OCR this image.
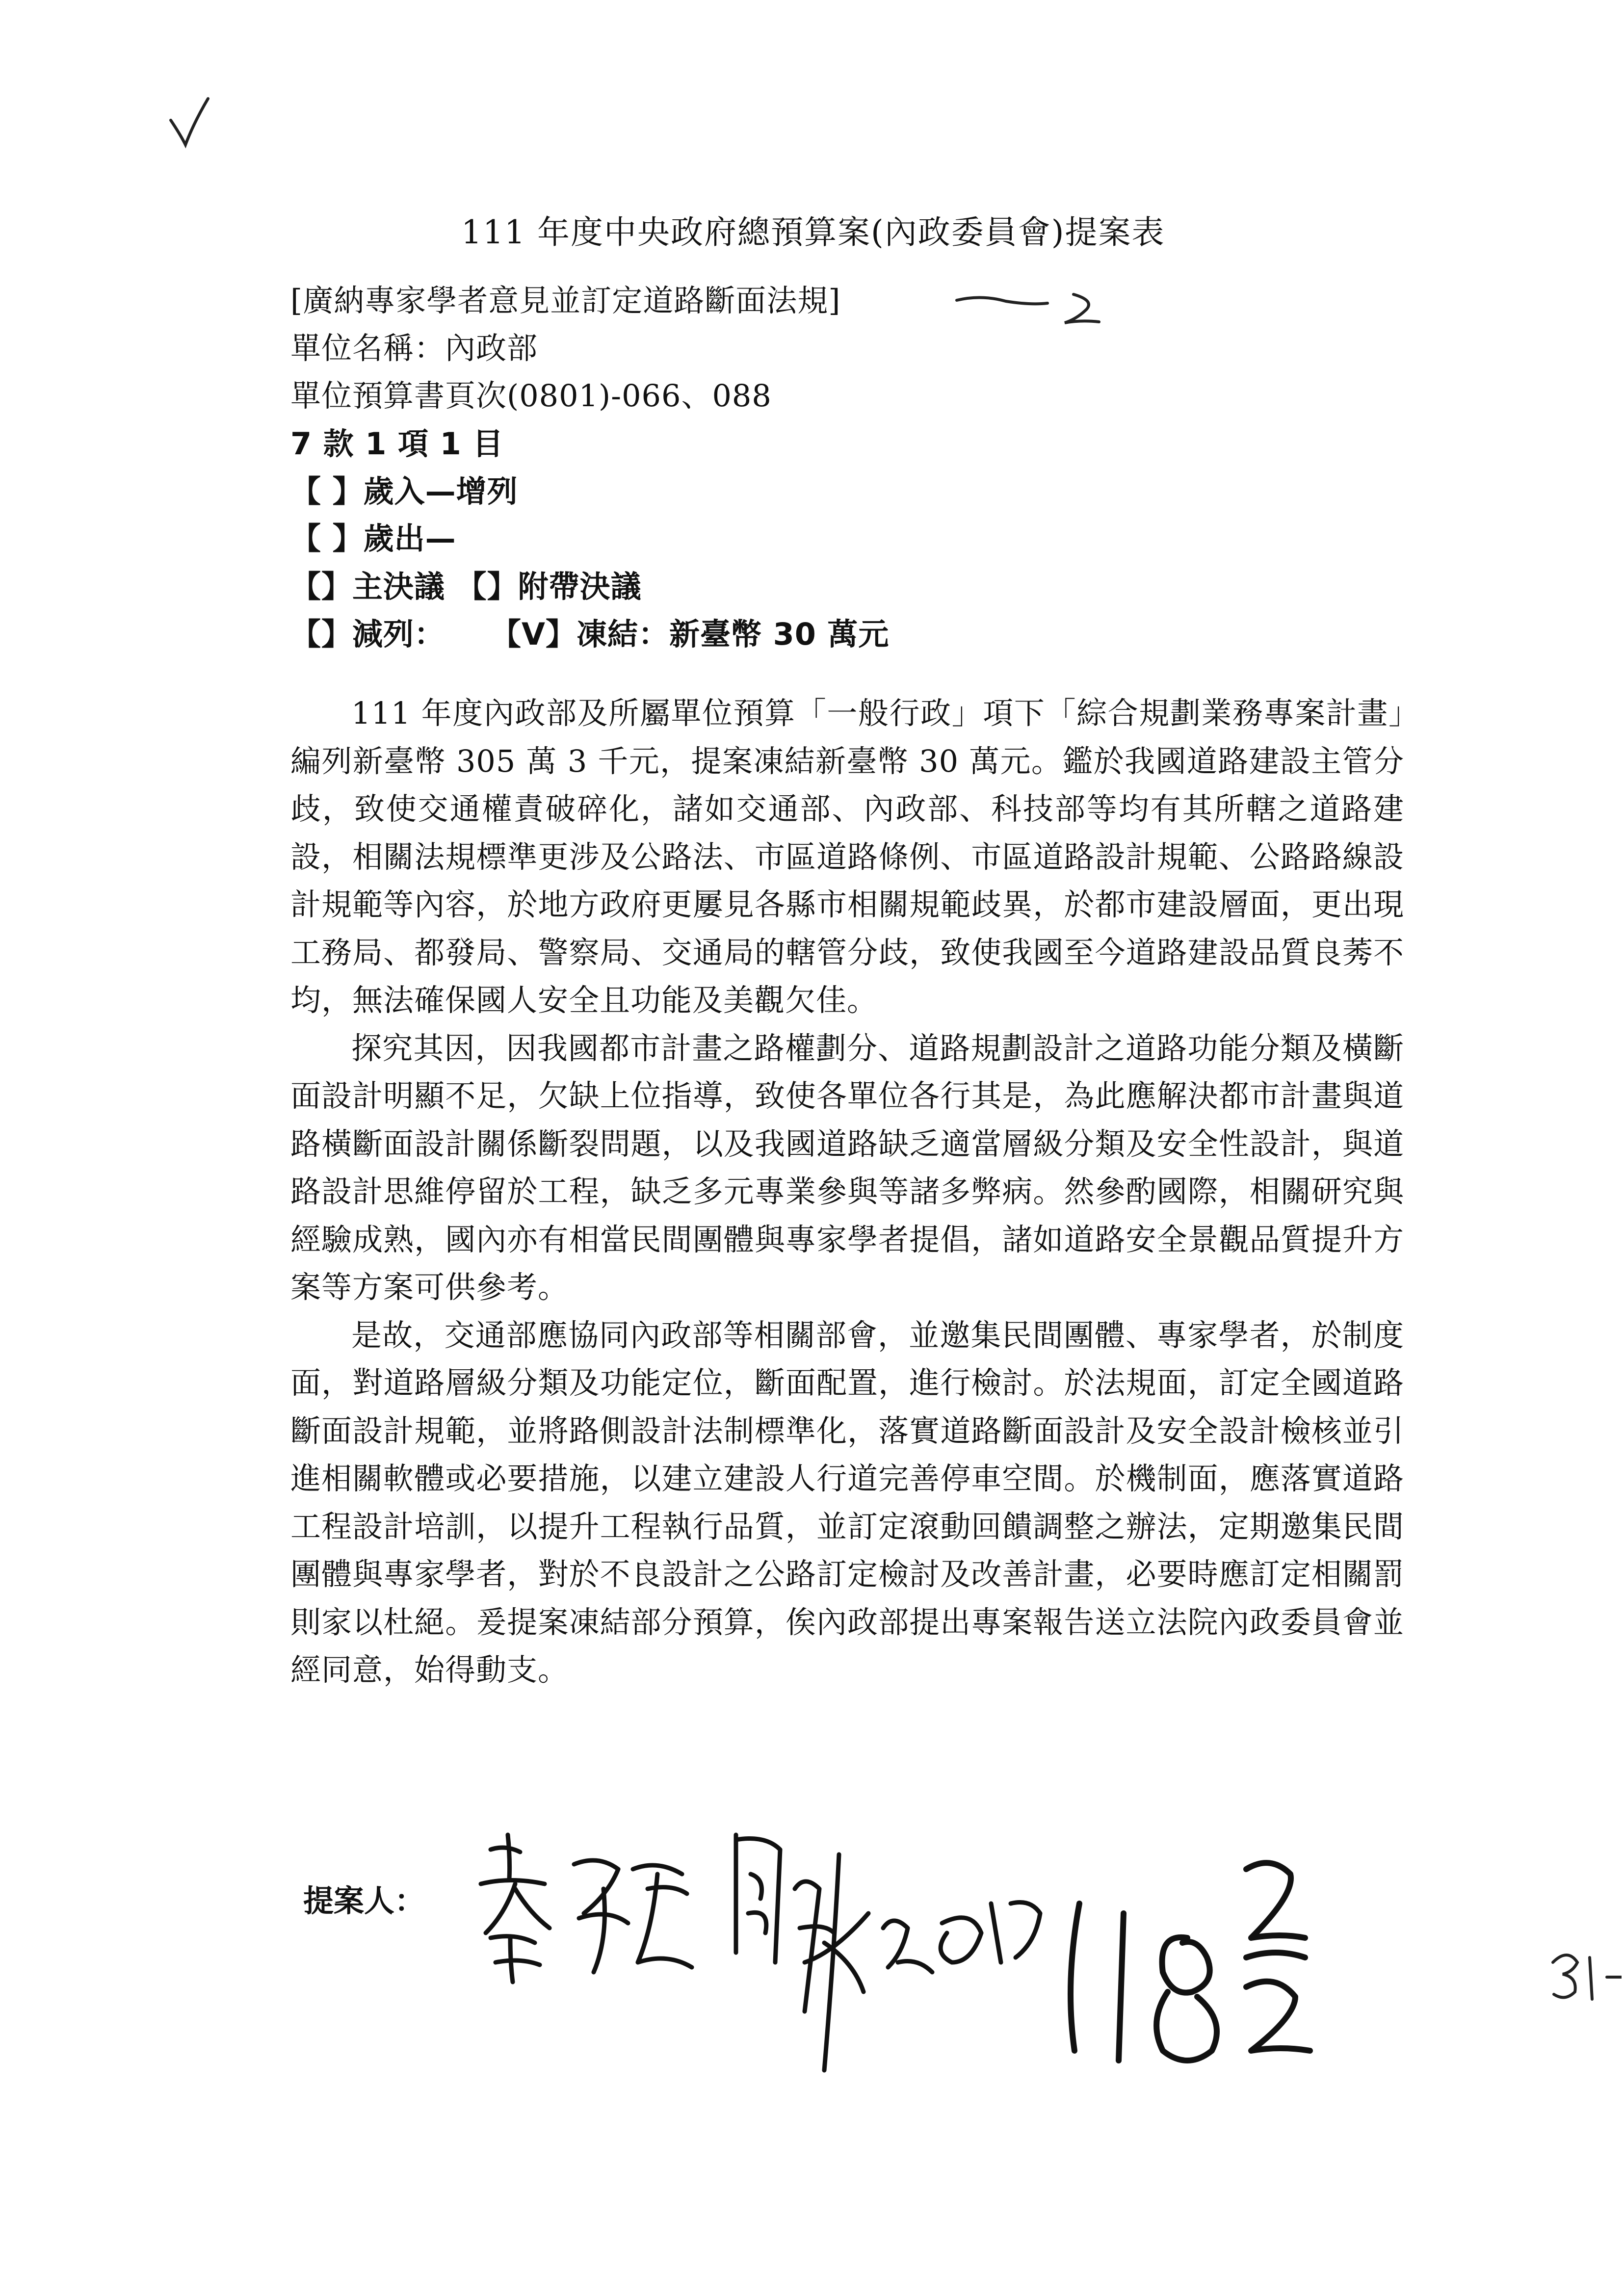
111 年度中央政府總預算案(內政委員會)提案表
[廣納專家學者意見並訂定道路斷面法規]
單位名稱：內政部
單位預算書頁次(0801)-066、088
7 款 1 項 1 目
【 】歲入—增列
【 】歲出—
【】主決議 【】附帶決議
【】減列： 【V】凍結：新臺幣 30 萬元

111 年度內政部及所屬單位預算「一般行政」項下「綜合規劃業務專案計畫」編列新臺幣 305 萬 3 千元，提案凍結新臺幣 30 萬元。鑑於我國道路建設主管分歧，致使交通權責破碎化，諸如交通部、內政部、科技部等均有其所轄之道路建設，相關法規標準更涉及公路法、市區道路條例、市區道路設計規範、公路路線設計規範等內容，於地方政府更屢見各縣市相關規範歧異，於都市建設層面，更出現工務局、都發局、警察局、交通局的轄管分歧，致使我國至今道路建設品質良莠不均，無法確保國人安全且功能及美觀欠佳。

探究其因，因我國都市計畫之路權劃分、道路規劃設計之道路功能分類及橫斷面設計明顯不足，欠缺上位指導，致使各單位各行其是，為此應解決都市計畫與道路橫斷面設計關係斷裂問題，以及我國道路缺乏適當層級分類及安全性設計，與道路設計思維停留於工程，缺乏多元專業參與等諸多弊病。然參酌國際，相關研究與經驗成熟，國內亦有相當民間團體與專家學者提倡，諸如道路安全景觀品質提升方案等方案可供參考。

是故，交通部應協同內政部等相關部會，並邀集民間團體、專家學者，於制度面，對道路層級分類及功能定位，斷面配置，進行檢討。於法規面，訂定全國道路斷面設計規範，並將路側設計法制標準化，落實道路斷面設計及安全設計檢核並引進相關軟體或必要措施，以建立建設人行道完善停車空間。於機制面，應落實道路工程設計培訓，以提升工程執行品質，並訂定滾動回饋調整之辦法，定期邀集民間團體與專家學者，對於不良設計之公路訂定檢討及改善計畫，必要時應訂定相關罰則家以杜絕。爰提案凍結部分預算，俟內政部提出專案報告送立法院內政委員會並經同意，始得動支。

提案人：
